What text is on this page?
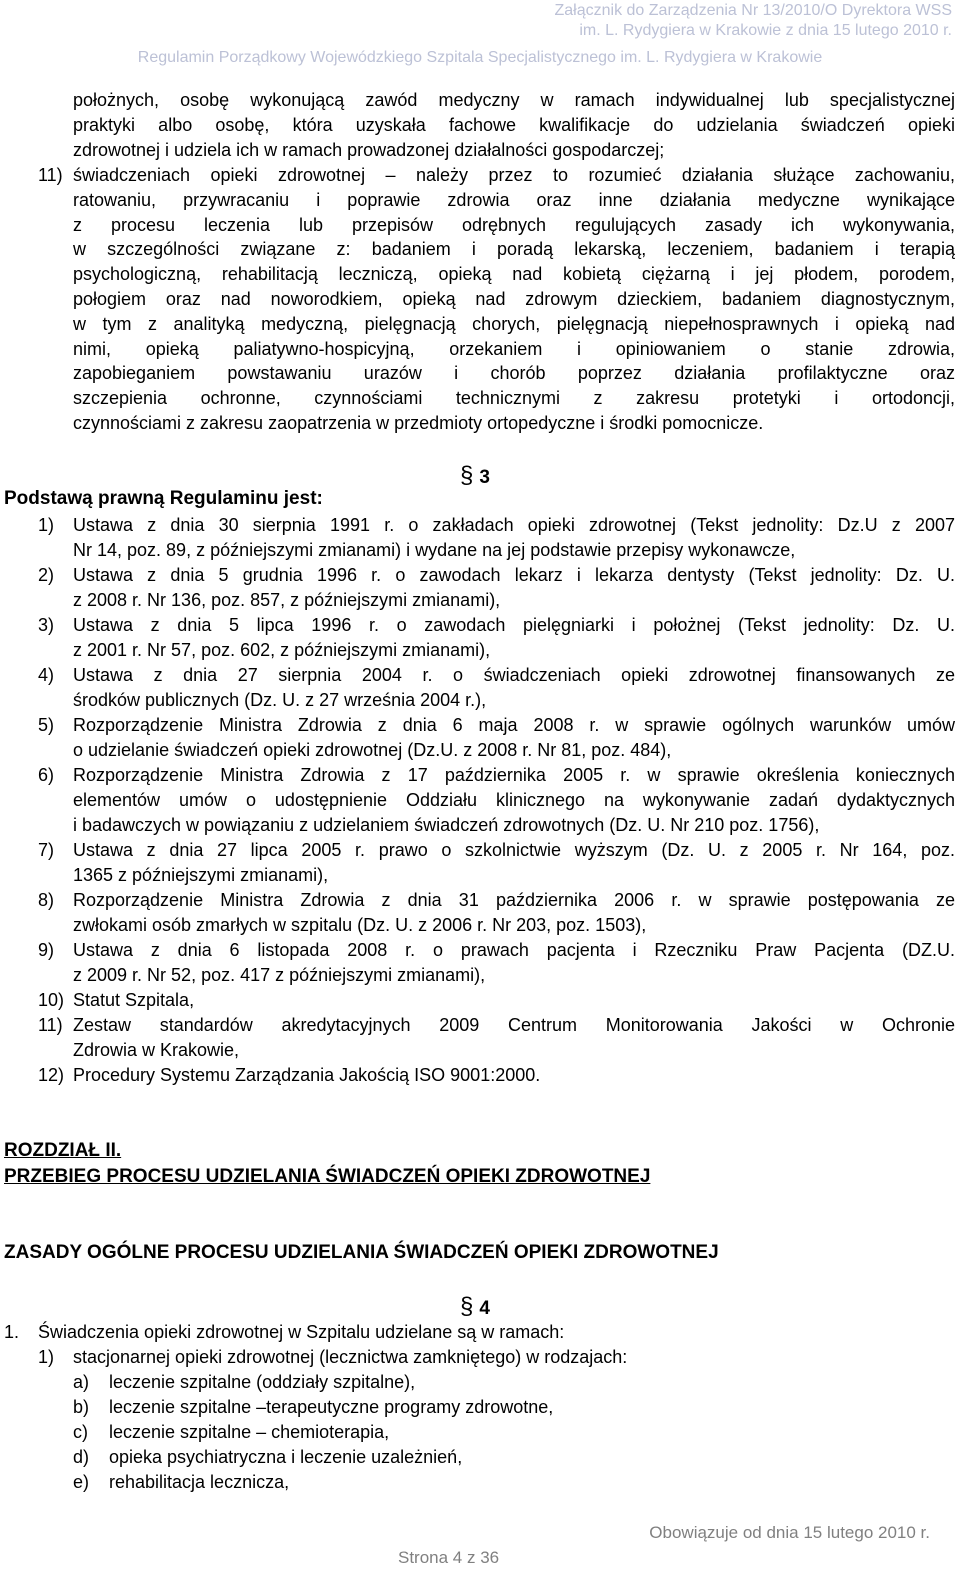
Załącznik do Zarządzenia Nr 13/2010/O Dyrektora WSS
im. L. Rydygiera w Krakowie z dnia 15 lutego 2010 r.
Regulamin Porządkowy Wojewódzkiego Szpitala Specjalistycznego im. L. Rydygiera w Krakowie
położnych, osobę wykonującą zawód medyczny w ramach indywidualnej lub specjalistycznej
praktyki albo osobę, która uzyskała fachowe kwalifikacje do udzielania świadczeń opieki
zdrowotnej i udziela ich w ramach prowadzonej działalności gospodarczej;
11) świadczeniach opieki zdrowotnej – należy przez to rozumieć działania służące zachowaniu,
ratowaniu, przywracaniu i poprawie zdrowia oraz inne działania medyczne wynikające
z procesu leczenia lub przepisów odrębnych regulujących zasady ich wykonywania,
w szczególności związane z: badaniem i poradą lekarską, leczeniem, badaniem i terapią
psychologiczną, rehabilitacją leczniczą, opieką nad kobietą ciężarną i jej płodem, porodem,
połogiem oraz nad noworodkiem, opieką nad zdrowym dzieckiem, badaniem diagnostycznym,
w tym z analityką medyczną, pielęgnacją chorych, pielęgnacją niepełnosprawnych i opieką nad
nimi, opieką paliatywno-hospicyjną, orzekaniem i opiniowaniem o stanie zdrowia,
zapobieganiem powstawaniu urazów i chorób poprzez działania profilaktyczne oraz
szczepienia ochronne, czynnościami technicznymi z zakresu protetyki i ortodoncji,
czynnościami z zakresu zaopatrzenia w przedmioty ortopedyczne i środki pomocnicze.
§ 3
Podstawą prawną Regulaminu jest:
1) Ustawa z dnia 30 sierpnia 1991 r. o zakładach opieki zdrowotnej (Tekst jednolity: Dz.U z 2007
Nr 14, poz. 89, z późniejszymi zmianami) i wydane na jej podstawie przepisy wykonawcze,
2) Ustawa z dnia 5 grudnia 1996 r. o zawodach lekarz i lekarza dentysty (Tekst jednolity: Dz. U.
z 2008 r. Nr 136, poz. 857, z późniejszymi zmianami),
3) Ustawa z dnia 5 lipca 1996 r. o zawodach pielęgniarki i położnej (Tekst jednolity: Dz. U.
z 2001 r. Nr 57, poz. 602, z późniejszymi zmianami),
4) Ustawa z dnia 27 sierpnia 2004 r. o świadczeniach opieki zdrowotnej finansowanych ze
środków publicznych (Dz. U. z 27 września 2004 r.),
5) Rozporządzenie Ministra Zdrowia z dnia 6 maja 2008 r. w sprawie ogólnych warunków umów
o udzielanie świadczeń opieki zdrowotnej (Dz.U. z 2008 r. Nr 81, poz. 484),
6) Rozporządzenie Ministra Zdrowia z 17 października 2005 r. w sprawie określenia koniecznych
elementów umów o udostępnienie Oddziału klinicznego na wykonywanie zadań dydaktycznych
i badawczych w powiązaniu z udzielaniem świadczeń zdrowotnych (Dz. U. Nr 210 poz. 1756),
7) Ustawa z dnia 27 lipca 2005 r. prawo o szkolnictwie wyższym (Dz. U. z 2005 r. Nr 164, poz.
1365 z późniejszymi zmianami),
8) Rozporządzenie Ministra Zdrowia z dnia 31 października 2006 r. w sprawie postępowania ze
zwłokami osób zmarłych w szpitalu (Dz. U. z 2006 r. Nr 203, poz. 1503),
9) Ustawa z dnia 6 listopada 2008 r. o prawach pacjenta i Rzeczniku Praw Pacjenta (DZ.U.
z 2009 r. Nr 52, poz. 417 z późniejszymi zmianami),
10) Statut Szpitala,
11) Zestaw standardów akredytacyjnych 2009 Centrum Monitorowania Jakości w Ochronie
Zdrowia w Krakowie,
12) Procedury Systemu Zarządzania Jakością ISO 9001:2000.
ROZDZIAŁ II.
PRZEBIEG PROCESU UDZIELANIA ŚWIADCZEŃ OPIEKI ZDROWOTNEJ
ZASADY OGÓLNE PROCESU UDZIELANIA ŚWIADCZEŃ OPIEKI ZDROWOTNEJ
§ 4
1. Świadczenia opieki zdrowotnej w Szpitalu udzielane są w ramach:
1) stacjonarnej opieki zdrowotnej (lecznictwa zamkniętego) w rodzajach:
a) leczenie szpitalne (oddziały szpitalne),
b) leczenie szpitalne –terapeutyczne programy zdrowotne,
c) leczenie szpitalne – chemioterapia,
d) opieka psychiatryczna i leczenie uzależnień,
e) rehabilitacja lecznicza,
Obowiązuje od dnia 15 lutego 2010 r.
Strona 4 z 36
